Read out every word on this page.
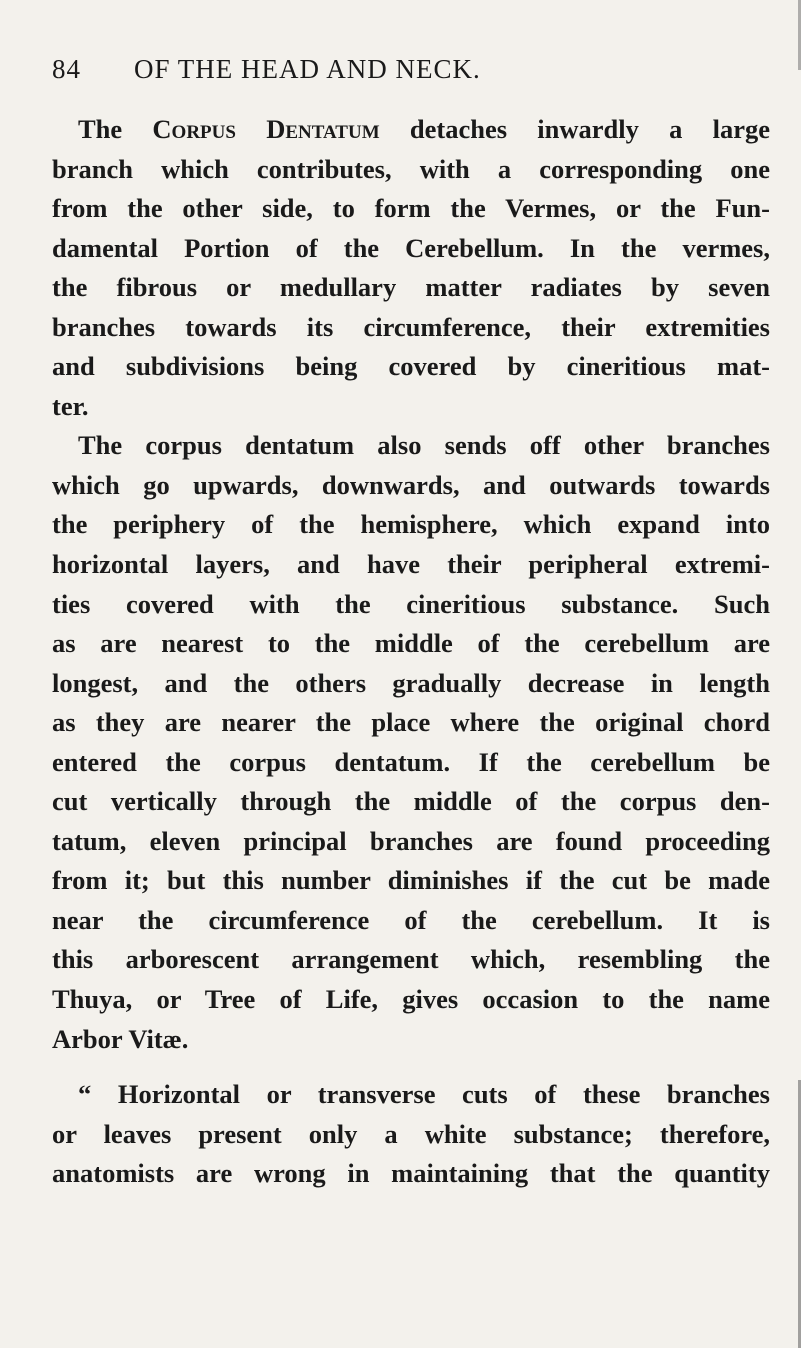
84 OF THE HEAD AND NECK.
The Corpus Dentatum detaches inwardly a large
branch which contributes, with a corresponding one
from the other side, to form the Vermes, or the Fun-
damental Portion of the Cerebellum. In the vermes,
the fibrous or medullary matter radiates by seven
branches towards its circumference, their extremities
and subdivisions being covered by cineritious mat-
ter.
The corpus dentatum also sends off other branches
which go upwards, downwards, and outwards towards
the periphery of the hemisphere, which expand into
horizontal layers, and have their peripheral extremi-
ties covered with the cineritious substance. Such
as are nearest to the middle of the cerebellum are
longest, and the others gradually decrease in length
as they are nearer the place where the original chord
entered the corpus dentatum. If the cerebellum be
cut vertically through the middle of the corpus den-
tatum, eleven principal branches are found proceeding
from it; but this number diminishes if the cut be made
near the circumference of the cerebellum. It is
this arborescent arrangement which, resembling the
Thuya, or Tree of Life, gives occasion to the name
Arbor Vitæ.
“ Horizontal or transverse cuts of these branches
or leaves present only a white substance; therefore,
anatomists are wrong in maintaining that the quantity
